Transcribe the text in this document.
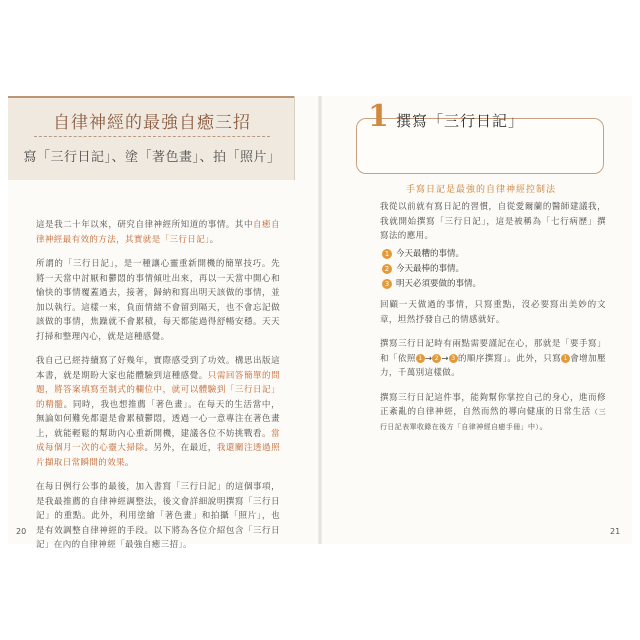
自律神經的最強自癒三招
寫「三行日記」、塗「著色畫」、拍「照片」

這是我二十年以來，研究自律神經所知道的事情。其中自癒自律神經最有效的方法，其實就是「三行日記」。

所謂的「三行日記」，是一種讓心靈重新開機的簡單技巧。先將一天當中討厭和鬱悶的事情傾吐出來，再以一天當中開心和愉快的事情覆蓋過去，接著，歸納和寫出明天該做的事情，並加以執行。這樣一來，負面情緒不會留到隔天，也不會忘記做該做的事情，焦躁就不會累積，每天都能過得舒暢安穩。天天打掃和整理內心，就是這種感覺。

我自己已經持續寫了好幾年，實際感受到了功效。構思出版這本書，就是期盼大家也能體驗到這種感覺。只需回答簡單的問題，將答案填寫至制式的欄位中，就可以體驗到「三行日記」的精髓。同時，我也想推薦「著色畫」。在每天的生活當中，無論如何難免都還是會累積鬱悶，透過一心一意專注在著色畫上，就能輕鬆的幫助內心重新開機，建議各位不妨挑戰看。當成每個月一次的心靈大掃除。另外，在最近，我還關注透過照片擷取日常瞬間的效果。

在每日例行公事的最後，加入書寫「三行日記」的這個事項，是我最推薦的自律神經調整法，後文會詳細說明撰寫「三行日記」的重點。此外，利用塗繪「著色畫」和拍攝「照片」，也是有效調整自律神經的手段。以下將為各位介紹包含「三行日記」在內的自律神經「最強自癒三招」。

20
1 撰寫「三行日記」
手寫日記是最強的自律神經控制法

我從以前就有寫日記的習慣，自從愛爾蘭的醫師建議我，我就開始撰寫「三行日記」，這是被稱為「七行病歷」撰寫法的應用。

1 今天最糟的事情。
2 今天最棒的事情。
3 明天必須要做的事情。

回顧一天做過的事情，只寫重點，沒必要寫出美妙的文章，坦然抒發自己的情感就好。

撰寫三行日記時有兩點需要謹記在心，那就是「要手寫」和「依照 1 → 2 → 3 的順序撰寫」。此外，只寫 1 會增加壓力，千萬別這樣做。

撰寫三行日記這件事，能夠幫你掌控自己的身心，進而修正紊亂的自律神經，自然而然的導向健康的日常生活（三行日記表單收錄在後方「自律神經自癒手冊」中）。

21
